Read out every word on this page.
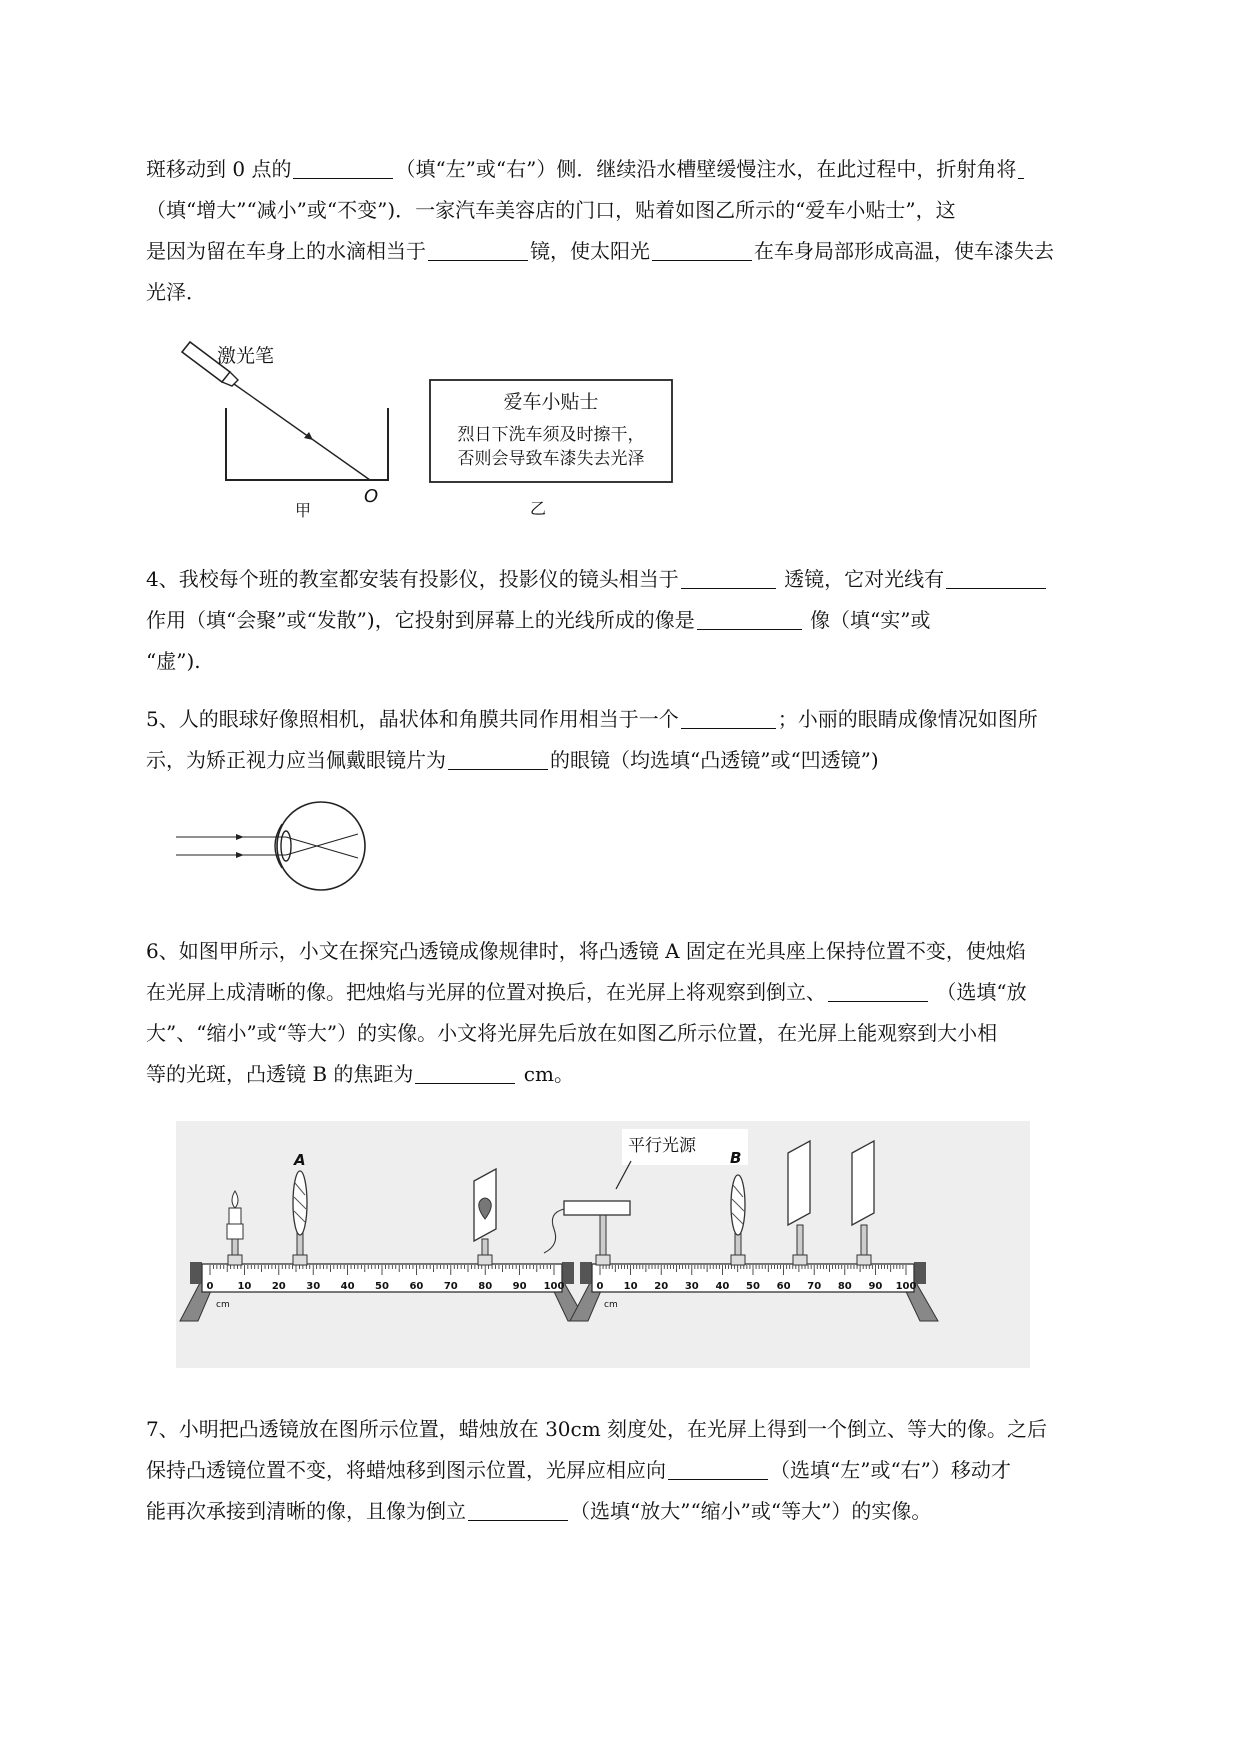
斑移动到 0 点的	（填“左”或“右”）侧．继续沿水槽壁缓慢注水，在此过程中，折射角将
（填“增大”“减小”或“不变”)．一家汽车美容店的门口，贴着如图乙所示的“爱车小贴士”，这
是因为留在车身上的水滴相当于	镜，使太阳光	在车身局部形成高温，使车漆失去
光泽．
激光笔
O
甲
爱车小贴士
烈日下洗车须及时擦干，
否则会导致车漆失去光泽
乙
4、我校每个班的教室都安装有投影仪，投影仪的镜头相当于	透镜，它对光线有
作用（填“会聚”或“发散”)，它投射到屏幕上的光线所成的像是	像（填“实”或
“虚”).
5、人的眼球好像照相机，晶状体和角膜共同作用相当于一个	；小丽的眼睛成像情况如图所
示，为矫正视力应当佩戴眼镜片为	的眼镜（均选填“凸透镜”或“凹透镜”)
6、如图甲所示，小文在探究凸透镜成像规律时，将凸透镜 A 固定在光具座上保持位置不变，使烛焰
在光屏上成清晰的像。把烛焰与光屏的位置对换后，在光屏上将观察到倒立、	（选填“放
大”、“缩小”或“等大”）的实像。小文将光屏先后放在如图乙所示位置，在光屏上能观察到大小相
等的光斑，凸透镜 B 的焦距为	cm。
0 10 20 30 40 50 60 70 80 90 100
cm
A
0 10 20 30 40 50 60 70 80 90 100
cm
平行光源
B
7、小明把凸透镜放在图所示位置，蜡烛放在 30cm 刻度处，在光屏上得到一个倒立、等大的像。之后
保持凸透镜位置不变，将蜡烛移到图示位置，光屏应相应向	（选填“左”或“右”）移动才
能再次承接到清晰的像，且像为倒立	（选填“放大”“缩小”或“等大”）的实像。
